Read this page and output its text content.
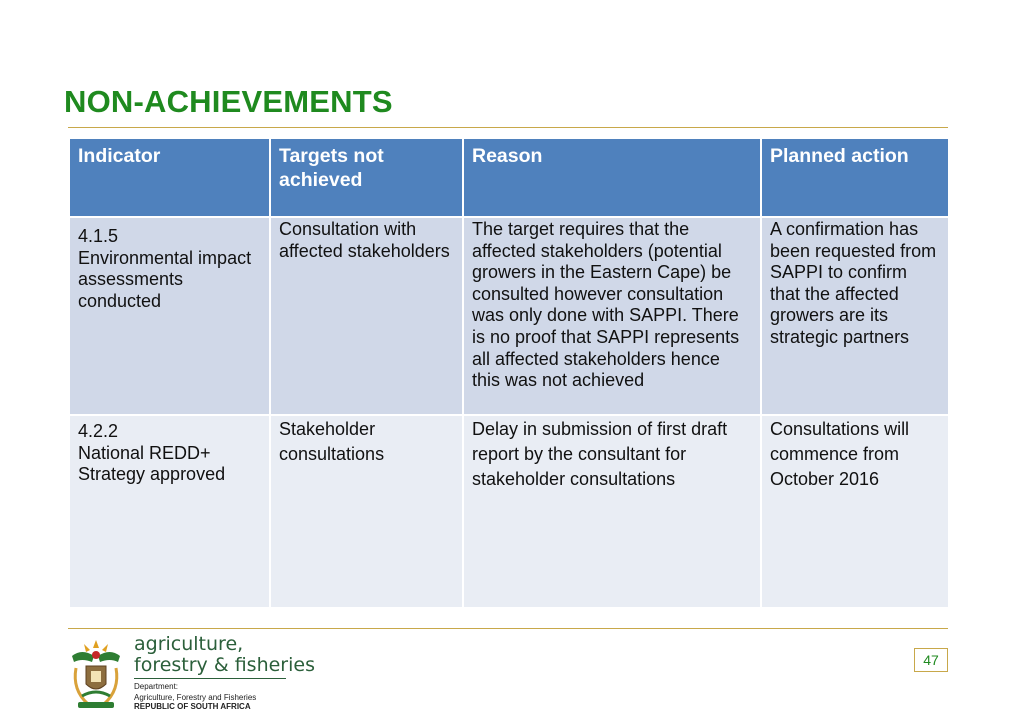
NON-ACHIEVEMENTS
Indicator	Targets not achieved	Reason	Planned action

4.1.5
Environmental impact assessments conducted	Consultation with affected stakeholders	The target requires that the affected stakeholders (potential growers in the Eastern Cape) be consulted however consultation was only done with SAPPI. There is no proof that SAPPI represents all affected stakeholders hence this was not achieved	A confirmation has been requested from SAPPI to confirm that the affected growers are its strategic partners

4.2.2
National REDD+ Strategy approved	Stakeholder consultations	Delay in submission of first draft report by the consultant for stakeholder consultations	Consultations will commence from October 2016

agriculture,
forestry & fisheries

Department:
Agriculture, Forestry and Fisheries

REPUBLIC OF SOUTH AFRICA

47
